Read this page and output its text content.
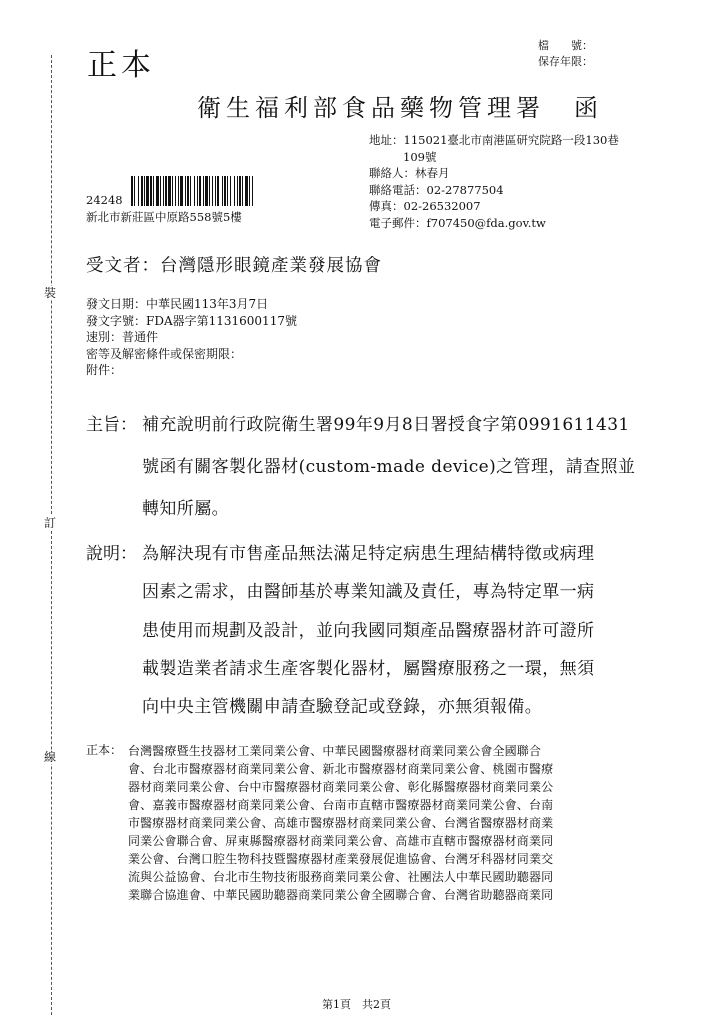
裝
訂
線
正本
檔　　號：
保存年限：
衛生福利部食品藥物管理署　函
地址： 115021臺北市南港區研究院路一段130巷
109號
聯絡人：林春月
聯絡電話：02-27877504
傳真：02-26532007
電子郵件：f707450@fda.gov.tw
24248
新北市新莊區中原路558號5樓
受文者：台灣隱形眼鏡產業發展協會
發文日期：中華民國113年3月7日
發文字號：FDA器字第1131600117號
速別：普通件
密等及解密條件或保密期限：
附件：
主旨： 補充說明前行政院衛生署99年9月8日署授食字第0991611431
號函有關客製化器材(custom-made device)之管理，請查照並
轉知所屬。
說明： 為解決現有市售產品無法滿足特定病患生理結構特徵或病理
因素之需求，由醫師基於專業知識及責任，專為特定單一病
患使用而規劃及設計，並向我國同類產品醫療器材許可證所
載製造業者請求生產客製化器材，屬醫療服務之一環，無須
向中央主管機關申請查驗登記或登錄，亦無須報備。
正本： 台灣醫療暨生技器材工業同業公會、中華民國醫療器材商業同業公會全國聯合
會、台北市醫療器材商業同業公會、新北市醫療器材商業同業公會、桃園市醫療
器材商業同業公會、台中市醫療器材商業同業公會、彰化縣醫療器材商業同業公
會、嘉義市醫療器材商業同業公會、台南市直轄市醫療器材商業同業公會、台南
市醫療器材商業同業公會、高雄市醫療器材商業同業公會、台灣省醫療器材商業
同業公會聯合會、屏東縣醫療器材商業同業公會、高雄市直轄市醫療器材商業同
業公會、台灣口腔生物科技暨醫療器材產業發展促進協會、台灣牙科器材同業交
流與公益協會、台北市生物技術服務商業同業公會、社團法人中華民國助聽器同
業聯合協進會、中華民國助聽器商業同業公會全國聯合會、台灣省助聽器商業同
第1頁　共2頁
